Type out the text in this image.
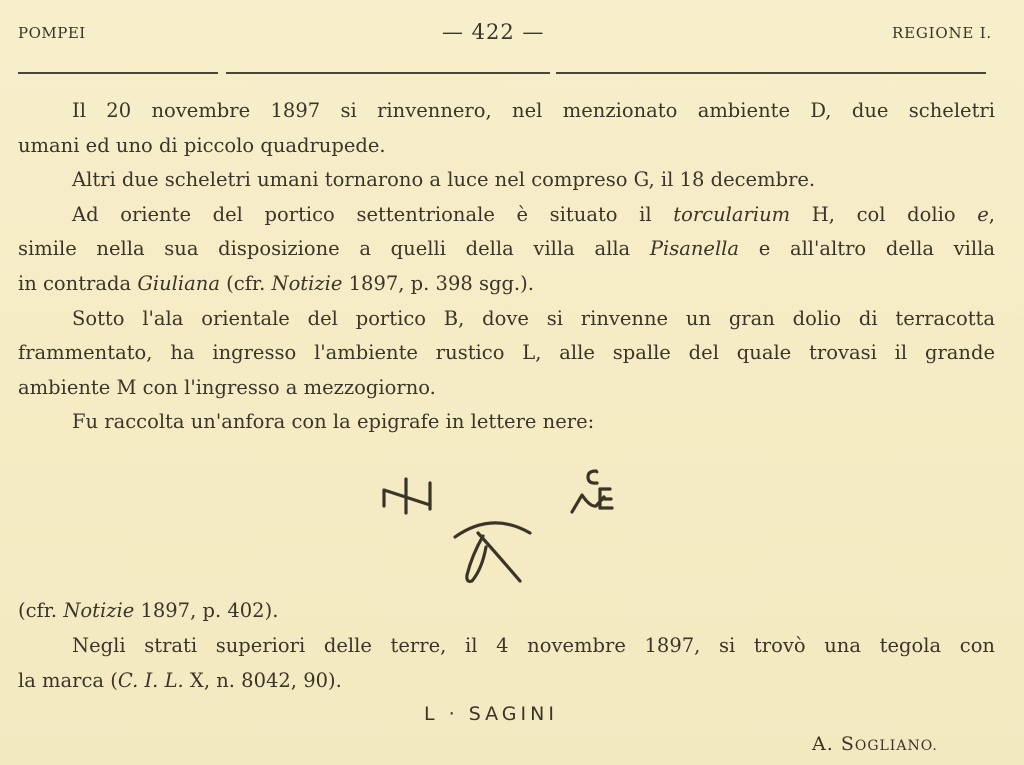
POMPEI	— 422 —	REGIONE I.
Il 20 novembre 1897 si rinvennero, nel menzionato ambiente D, due scheletri
umani ed uno di piccolo quadrupede.
Altri due scheletri umani tornarono a luce nel compreso G, il 18 decembre.
Ad oriente del portico settentrionale è situato il torcularium H, col dolio e,
simile nella sua disposizione a quelli della villa alla Pisanella e all'altro della villa
in contrada Giuliana (cfr. Notizie 1897, p. 398 sgg.).
Sotto l'ala orientale del portico B, dove si rinvenne un gran dolio di terracotta
frammentato, ha ingresso l'ambiente rustico L, alle spalle del quale trovasi il grande
ambiente M con l'ingresso a mezzogiorno.
Fu raccolta un'anfora con la epigrafe in lettere nere:
(cfr. Notizie 1897, p. 402).
Negli strati superiori delle terre, il 4 novembre 1897, si trovò una tegola con
la marca (C. I. L. X, n. 8042, 90).
L · SAGINI
A. SOGLIANO.
